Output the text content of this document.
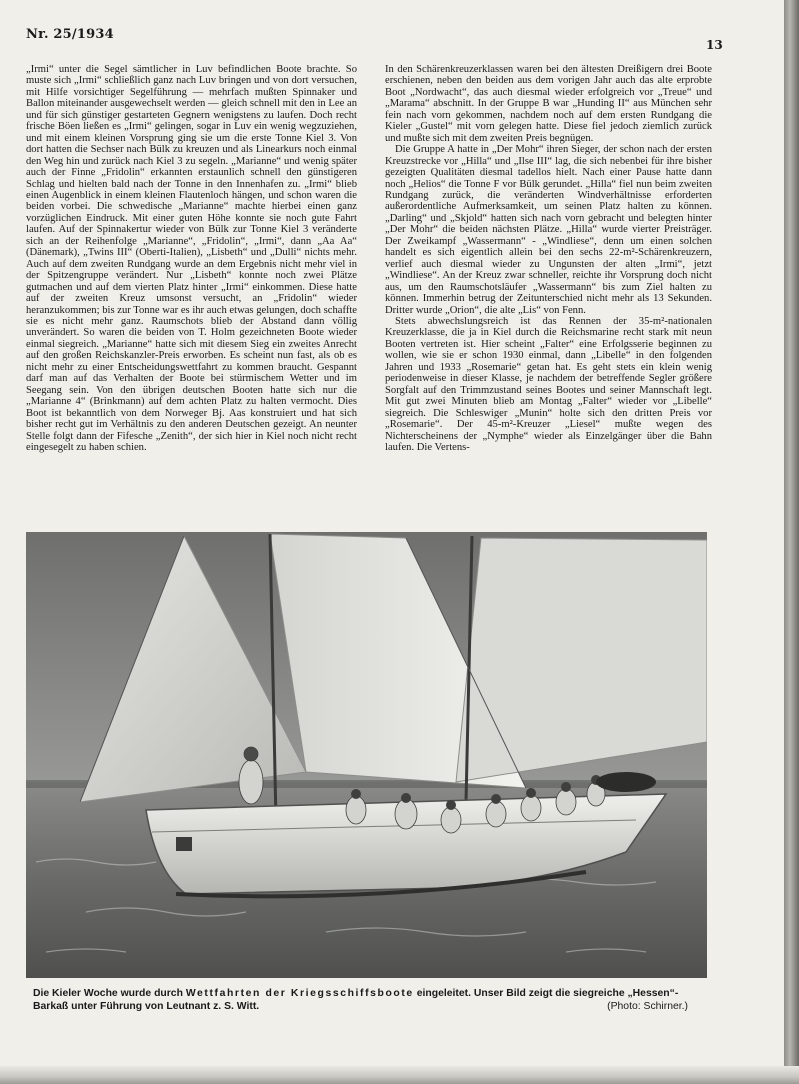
Nr. 25/1934
13

„Irmi“ unter die Segel sämtlicher in Luv befindlichen Boote brachte. So muste sich „Irmi“ schließlich ganz nach Luv bringen und von dort versuchen, mit Hilfe vorsichtiger Segelführung — mehrfach mußten Spinnaker und Ballon miteinander ausgewechselt werden — gleich schnell mit den in Lee an und für sich günstiger gestarteten Gegnern wenigstens zu laufen. Doch recht frische Böen ließen es „Irmi“ gelingen, sogar in Luv ein wenig wegzuziehen, und mit einem kleinen Vorsprung ging sie um die erste Tonne Kiel 3. Von dort hatten die Sechser nach Bülk zu kreuzen und als Linearkurs noch einmal den Weg hin und zurück nach Kiel 3 zu segeln. „Marianne“ und wenig später auch der Finne „Fridolin“ erkannten erstaunlich schnell den günstigeren Schlag und hielten bald nach der Tonne in den Innenhafen zu. „Irmi“ blieb einen Augenblick in einem kleinen Flautenloch hängen, und schon waren die beiden vorbei. Die schwedische „Marianne“ machte hierbei einen ganz vorzüglichen Eindruck. Mit einer guten Höhe konnte sie noch gute Fahrt laufen. Auf der Spinnakertur wieder von Bülk zur Tonne Kiel 3 veränderte sich an der Reihenfolge „Marianne“, „Fridolin“, „Irmi“, dann „Aa Aa“ (Dänemark), „Twins III“ (Oberti-Italien), „Lisbeth“ und „Dulli“ nichts mehr. Auch auf dem zweiten Rundgang wurde an dem Ergebnis nicht mehr viel in der Spitzengruppe verändert. Nur „Lisbeth“ konnte noch zwei Plätze gutmachen und auf dem vierten Platz hinter „Irmi“ einkommen. Diese hatte auf der zweiten Kreuz umsonst versucht, an „Fridolin“ wieder heranzukommen; bis zur Tonne war es ihr auch etwas gelungen, doch schaffte sie es nicht mehr ganz. Raumschots blieb der Abstand dann völlig unverändert. So waren die beiden von T. Holm gezeichneten Boote wieder einmal siegreich. „Marianne“ hatte sich mit diesem Sieg ein zweites Anrecht auf den großen Reichskanzler-Preis erworben. Es scheint nun fast, als ob es nicht mehr zu einer Entscheidungswettfahrt zu kommen braucht. Gespannt darf man auf das Verhalten der Boote bei stürmischem Wetter und im Seegang sein. Von den übrigen deutschen Booten hatte sich nur die „Marianne 4“ (Brinkmann) auf dem achten Platz zu halten vermocht. Dies Boot ist bekanntlich von dem Norweger Bj. Aas konstruiert und hat sich bisher recht gut im Verhältnis zu den anderen Deutschen gezeigt. An neunter Stelle folgt dann der Fifesche „Zenith“, der sich hier in Kiel noch nicht recht eingesegelt zu haben schien.

In den Schärenkreuzerklassen waren bei den ältesten Dreißigern drei Boote erschienen, neben den beiden aus dem vorigen Jahr auch das alte erprobte Boot „Nordwacht“, das auch diesmal wieder erfolgreich vor „Treue“ und „Marama“ abschnitt. In der Gruppe B war „Hunding II“ aus München sehr fein nach vorn gekommen, nachdem noch auf dem ersten Rundgang die Kieler „Gustel“ mit vorn gelegen hatte. Diese fiel jedoch ziemlich zurück und mußte sich mit dem zweiten Preis begnügen.

Die Gruppe A hatte in „Der Mohr“ ihren Sieger, der schon nach der ersten Kreuzstrecke vor „Hilla“ und „Ilse III“ lag, die sich nebenbei für ihre bisher gezeigten Qualitäten diesmal tadellos hielt. Nach einer Pause hatte dann noch „Helios“ die Tonne F vor Bülk gerundet. „Hilla“ fiel nun beim zweiten Rundgang zurück, die veränderten Windverhältnisse erforderten außerordentliche Aufmerksamkeit, um seinen Platz halten zu können. „Darling“ und „Skjold“ hatten sich nach vorn gebracht und belegten hinter „Der Mohr“ die beiden nächsten Plätze. „Hilla“ wurde vierter Preisträger. Der Zweikampf „Wassermann“ - „Windliese“, denn um einen solchen handelt es sich eigentlich allein bei den sechs 22-m²-Schärenkreuzern, verlief auch diesmal wieder zu Ungunsten der alten „Irmi“, jetzt „Windliese“. An der Kreuz zwar schneller, reichte ihr Vorsprung doch nicht aus, um den Raumschotsläufer „Wassermann“ bis zum Ziel halten zu können. Immerhin betrug der Zeitunterschied nicht mehr als 13 Sekunden. Dritter wurde „Orion“, die alte „Lis“ von Fenn.

Stets abwechslungsreich ist das Rennen der 35-m²-nationalen Kreuzerklasse, die ja in Kiel durch die Reichsmarine recht stark mit neun Booten vertreten ist. Hier scheint „Falter“ eine Erfolgsserie beginnen zu wollen, wie sie er schon 1930 einmal, dann „Libelle“ in den folgenden Jahren und 1933 „Rosemarie“ getan hat. Es geht stets ein klein wenig periodenweise in dieser Klasse, je nachdem der betreffende Segler größere Sorgfalt auf den Trimmzustand seines Bootes und seiner Mannschaft legt. Mit gut zwei Minuten blieb am Montag „Falter“ wieder vor „Libelle“ siegreich. Die Schleswiger „Munin“ holte sich den dritten Preis vor „Rosemarie“. Der 45-m²-Kreuzer „Liesel“ mußte wegen des Nichterscheinens der „Nymphe“ wieder als Einzelgänger über die Bahn laufen. Die Vertens-

Die Kieler Woche wurde durch Wettfahrten der Kriegsschiffsboote eingeleitet. Unser Bild zeigt die siegreiche „Hessen“-Barkaß unter Führung von Leutnant z. S. Witt.	(Photo: Schirner.)
